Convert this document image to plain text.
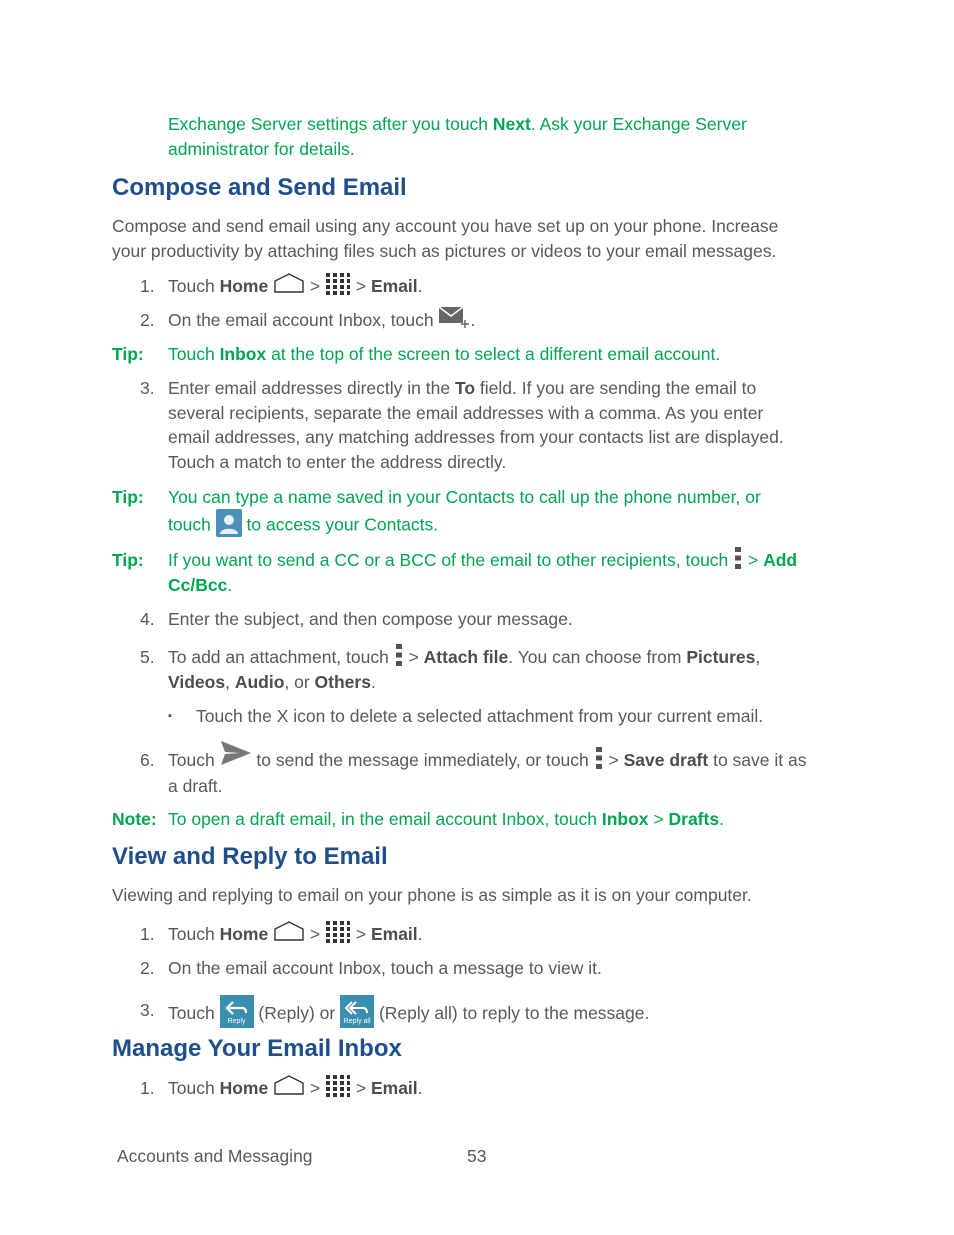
Exchange Server settings after you touch Next. Ask your Exchange Server
administrator for details.
Compose and Send Email
Compose and send email using any account you have set up on your phone. Increase
your productivity by attaching files such as pictures or videos to your email messages.
1. Touch Home
>
> Email.
2. On the email account Inbox, touch
.
Tip: Touch Inbox at the top of the screen to select a different email account.
3. Enter email addresses directly in the To field. If you are sending the email to
several recipients, separate the email addresses with a comma. As you enter
email addresses, any matching addresses from your contacts list are displayed.
Touch a match to enter the address directly.
Tip: You can type a name saved in your Contacts to call up the phone number, or
touch
to access your Contacts.
Tip: If you want to send a CC or a BCC of the email to other recipients, touch
> Add
Cc/Bcc.
4. Enter the subject, and then compose your message.
5. To add an attachment, touch
> Attach file. You can choose from Pictures,
Videos, Audio, or Others.
▪ Touch the X icon to delete a selected attachment from your current email.
6. Touch
to send the message immediately, or touch
> Save draft to save it as
a draft.
Note: To open a draft email, in the email account Inbox, touch Inbox > Drafts.
View and Reply to Email
Viewing and replying to email on your phone is as simple as it is on your computer.
1. Touch Home
>
> Email.
2. On the email account Inbox, touch a message to view it.
3. Touch	Reply (Reply) or Reply all (Reply all) to reply to the message.
Manage Your Email Inbox
1. Touch Home
>
> Email.
Accounts and Messaging	53
